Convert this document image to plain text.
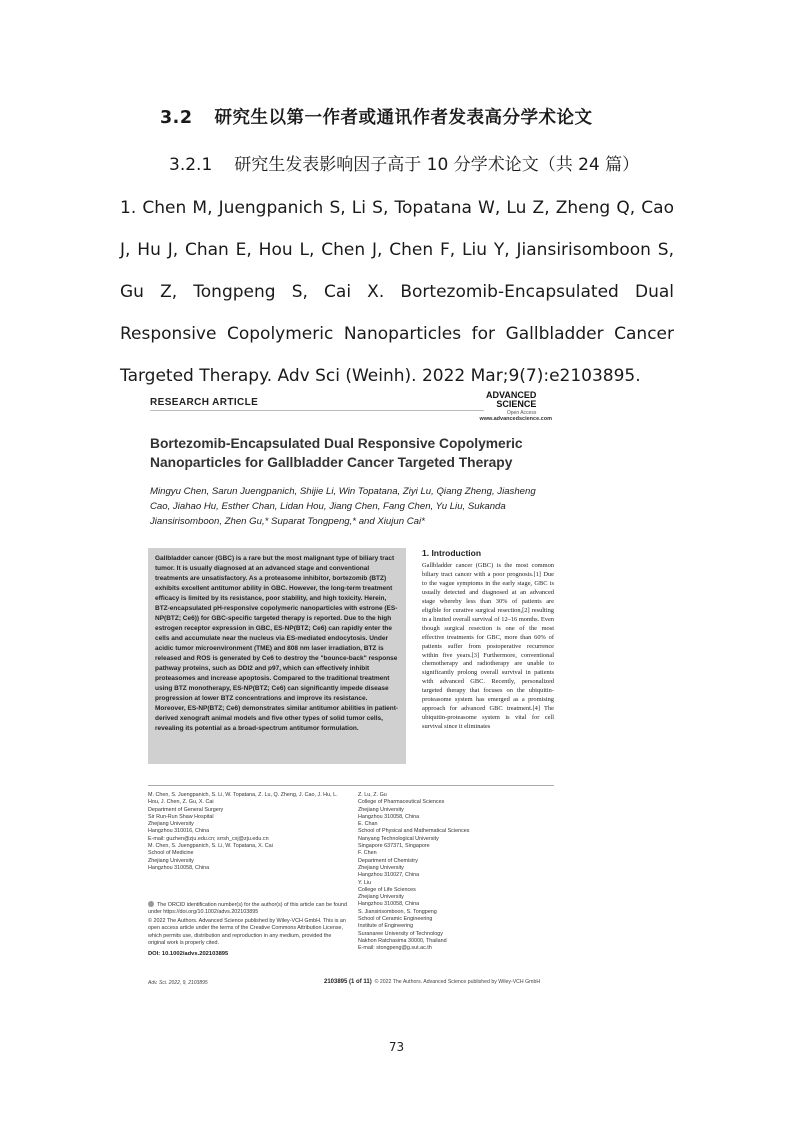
3.2 研究生以第一作者或通讯作者发表高分学术论文
3.2.1 研究生发表影响因子高于 10 分学术论文（共 24 篇）
1. Chen M, Juengpanich S, Li S, Topatana W, Lu Z, Zheng Q, Cao J, Hu J, Chan E, Hou L, Chen J, Chen F, Liu Y, Jiansirisomboon S, Gu Z, Tongpeng S, Cai X. Bortezomib-Encapsulated Dual Responsive Copolymeric Nanoparticles for Gallbladder Cancer Targeted Therapy. Adv Sci (Weinh). 2022 Mar;9(7):e2103895.
RESEARCH ARTICLE
ADVANCED
SCIENCE
Open Access
www.advancedscience.com
Bortezomib-Encapsulated Dual Responsive Copolymeric Nanoparticles for Gallbladder Cancer Targeted Therapy
Mingyu Chen, Sarun Juengpanich, Shijie Li, Win Topatana, Ziyi Lu, Qiang Zheng, Jiasheng Cao, Jiahao Hu, Esther Chan, Lidan Hou, Jiang Chen, Fang Chen, Yu Liu, Sukanda Jiansirisomboon, Zhen Gu,* Suparat Tongpeng,* and Xiujun Cai*
Gallbladder cancer (GBC) is a rare but the most malignant type of biliary tract tumor. It is usually diagnosed at an advanced stage and conventional treatments are unsatisfactory. As a proteasome inhibitor, bortezomib (BTZ) exhibits excellent antitumor ability in GBC. However, the long-term treatment efficacy is limited by its resistance, poor stability, and high toxicity. Herein, BTZ-encapsulated pH-responsive copolymeric nanoparticles with estrone (ES-NP(BTZ; Ce6)) for GBC-specific targeted therapy is reported. Due to the high estrogen receptor expression in GBC, ES-NP(BTZ; Ce6) can rapidly enter the cells and accumulate near the nucleus via ES-mediated endocytosis. Under acidic tumor microenvironment (TME) and 808 nm laser irradiation, BTZ is released and ROS is generated by Ce6 to destroy the "bounce-back" response pathway proteins, such as DDI2 and p97, which can effectively inhibit proteasomes and increase apoptosis. Compared to the traditional treatment using BTZ monotherapy, ES-NP(BTZ; Ce6) can significantly impede disease progression at lower BTZ concentrations and improve its resistance. Moreover, ES-NP(BTZ; Ce6) demonstrates similar antitumor abilities in patient-derived xenograft animal models and five other types of solid tumor cells, revealing its potential as a broad-spectrum antitumor formulation.
1. Introduction
Gallbladder cancer (GBC) is the most common biliary tract cancer with a poor prognosis.[1] Due to the vague symptoms in the early stage, GBC is usually detected and diagnosed at an advanced stage whereby less than 30% of patients are eligible for curative surgical resection,[2] resulting in a limited overall survival of 12–16 months. Even though surgical resection is one of the most effective treatments for GBC, more than 60% of patients suffer from postoperative recurrence within five years.[3] Furthermore, conventional chemotherapy and radiotherapy are unable to significantly prolong overall survival in patients with advanced GBC. Recently, personalized targeted therapy that focuses on the ubiquitin-proteasome system has emerged as a promising approach for advanced GBC treatment.[4] The ubiquitin-proteasome system is vital for cell survival since it eliminates
M. Chen, S. Juengpanich, S. Li, W. Topatana, Z. Lu, Q. Zheng, J. Cao, J. Hu, L. Hou, J. Chen, Z. Gu, X. Cai
Department of General Surgery
Sir Run-Run Shaw Hospital
Zhejiang University
Hangzhou 310016, China
E-mail: guzhen@zju.edu.cn; srrsh_cxj@zju.edu.cn
M. Chen, S. Juengpanich, S. Li, W. Topatana, X. Cai
School of Medicine
Zhejiang University
Hangzhou 310058, China
Z. Lu, Z. Gu
College of Pharmaceutical Sciences
Zhejiang University
Hangzhou 310058, China
E. Chan
School of Physical and Mathematical Sciences
Nanyang Technological University
Singapore 637371, Singapore
F. Chen
Department of Chemistry
Zhejiang University
Hangzhou 310027, China
Y. Liu
College of Life Sciences
Zhejiang University
Hangzhou 310058, China
S. Jiansirisomboon, S. Tongpeng
School of Ceramic Engineering
Institute of Engineering
Suranaree University of Technology
Nakhon Ratchasima 30000, Thailand
E-mail: stongpeng@g.sut.ac.th
The ORCID identification number(s) for the author(s) of this article can be found under https://doi.org/10.1002/advs.202103895
© 2022 The Authors. Advanced Science published by Wiley-VCH GmbH. This is an open access article under the terms of the Creative Commons Attribution License, which permits use, distribution and reproduction in any medium, provided the original work is properly cited.
DOI: 10.1002/advs.202103895
Adv. Sci. 2022, 9, 2103895	2103895 (1 of 11) © 2022 The Authors. Advanced Science published by Wiley-VCH GmbH
73
